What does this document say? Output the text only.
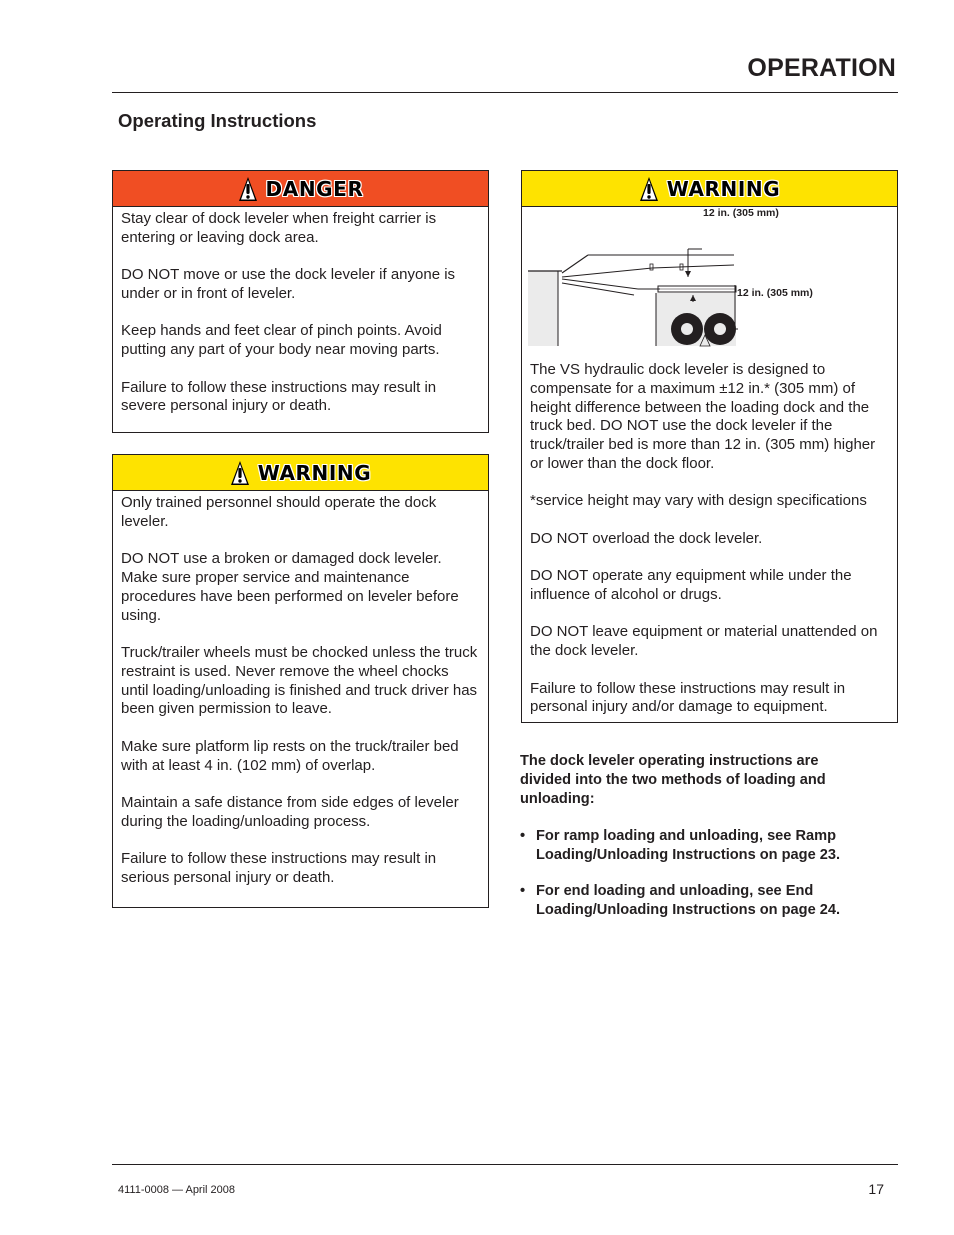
OPERATION
Operating Instructions
DANGER

Stay clear of dock leveler when freight carrier is entering or leaving dock area.

DO NOT move or use the dock leveler if anyone is under or in front of leveler.

Keep hands and feet clear of pinch points. Avoid putting any part of your body near moving parts.

Failure to follow these instructions may result in severe personal injury or death.

WARNING

Only trained personnel should operate the dock leveler.

DO NOT use a broken or damaged dock leveler. Make sure proper service and maintenance procedures have been performed on leveler before using.

Truck/trailer wheels must be chocked unless the truck restraint is used. Never remove the wheel chocks until loading/unloading is finished and truck driver has been given permission to leave.

Make sure platform lip rests on the truck/trailer bed with at least 4 in. (102 mm) of overlap.

Maintain a safe distance from side edges of leveler during the loading/unloading process.

Failure to follow these instructions may result in serious personal injury or death.

WARNING
12 in. (305 mm)
12 in. (305 mm)

The VS hydraulic dock leveler is designed to compensate for a maximum ±12 in.* (305 mm) of height difference between the loading dock and the truck bed. DO NOT use the dock leveler if the truck/trailer bed is more than 12 in. (305 mm) higher or lower than the dock floor.

*service height may vary with design specifications

DO NOT overload the dock leveler.

DO NOT operate any equipment while under the influence of alcohol or drugs.

DO NOT leave equipment or material unattended on the dock leveler.

Failure to follow these instructions may result in personal injury and/or damage to equipment.

The dock leveler operating instructions are divided into the two methods of loading and unloading:

• For ramp loading and unloading, see Ramp Loading/Unloading Instructions on page 23.
• For end loading and unloading, see End Loading/Unloading Instructions on page 24.
4111-0008 — April 2008	17
